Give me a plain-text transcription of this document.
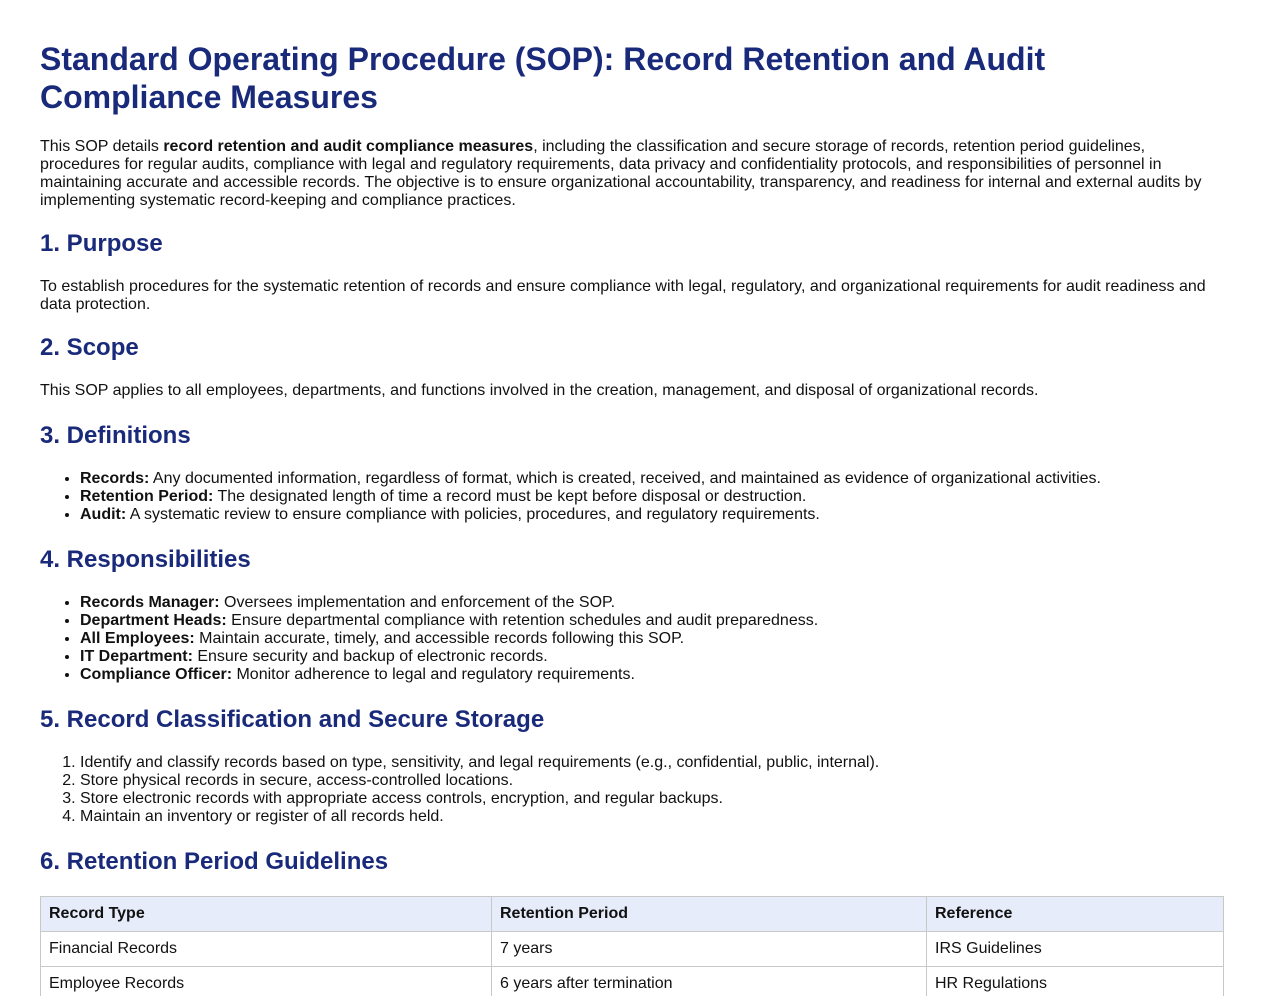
Standard Operating Procedure (SOP): Record Retention and Audit Compliance Measures

This SOP details record retention and audit compliance measures, including the classification and secure storage of records, retention period guidelines, procedures for regular audits, compliance with legal and regulatory requirements, data privacy and confidentiality protocols, and responsibilities of personnel in maintaining accurate and accessible records. The objective is to ensure organizational accountability, transparency, and readiness for internal and external audits by implementing systematic record-keeping and compliance practices.

1. Purpose

To establish procedures for the systematic retention of records and ensure compliance with legal, regulatory, and organizational requirements for audit readiness and data protection.

2. Scope

This SOP applies to all employees, departments, and functions involved in the creation, management, and disposal of organizational records.

3. Definitions
• Records: Any documented information, regardless of format, which is created, received, and maintained as evidence of organizational activities.
• Retention Period: The designated length of time a record must be kept before disposal or destruction.
• Audit: A systematic review to ensure compliance with policies, procedures, and regulatory requirements.
4. Responsibilities
• Records Manager: Oversees implementation and enforcement of the SOP.
• Department Heads: Ensure departmental compliance with retention schedules and audit preparedness.
• All Employees: Maintain accurate, timely, and accessible records following this SOP.
• IT Department: Ensure security and backup of electronic records.
• Compliance Officer: Monitor adherence to legal and regulatory requirements.
5. Record Classification and Secure Storage
1. Identify and classify records based on type, sensitivity, and legal requirements (e.g., confidential, public, internal).
2. Store physical records in secure, access-controlled locations.
3. Store electronic records with appropriate access controls, encryption, and regular backups.
4. Maintain an inventory or register of all records held.
6. Retention Period Guidelines
Record Type	Retention Period	Reference
Financial Records	7 years	IRS Guidelines
Employee Records	6 years after termination	HR Regulations
